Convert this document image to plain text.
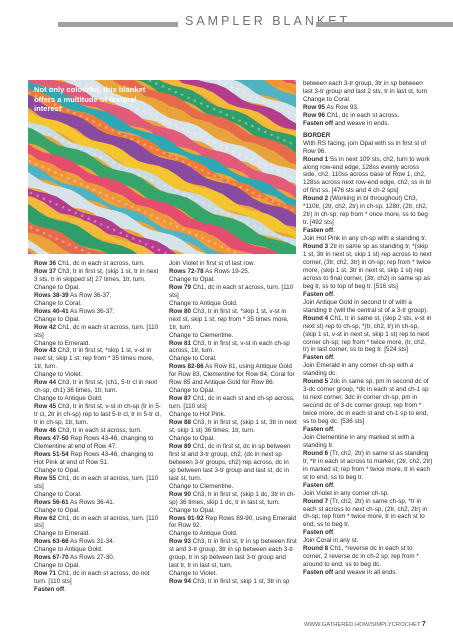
SAMPLER BLANKET
Not only colourful, this blanket offers a multitude of textural interest

Row 36 Ch1, dc in each st across, turn.

Row 37 Ch3, tr in first st, (skip 1 st, tr in next 3 sts, tr in skipped st) 27 times, 1tr, turn.

Change to Opal.

Rows 38-39 As Row 36-37.

Change to Coral.

Rows 40-41 As Rows 36-37.

Change to Opal.

Row 42 Ch1, dc in each st across, turn. [110 sts]

Change to Emerald.

Row 43 Ch3, tr in first st, *skip 1 st, v-st in next st, skip 1 st; rep from * 35 times more, 1tr, turn.

Change to Violet.

Row 44 Ch3, tr in first st, (ch1, 5-tr cl in next ch-sp, ch1) 36 times, 1tr, turn.

Change to Antique Gold.

Row 45 Ch3, tr in first st, v-st in ch-sp (tr in 5-tr cl, 2tr in ch-sp) rep to last 5-tr cl, tr in 5-tr cl, tr in ch-sp, 1tr, turn.

Row 46 Ch3, tr in each st across, turn.

Rows 47-50 Rep Rows 43-46, changing to Clementine at end of Row 47.

Rows 51-54 Rep Rows 43-46, changing to Hot Pink at end of Row 51.

Change to Opal.

Row 55 Ch1, dc in each st across, turn. [110 sts]

Change to Coral.

Rows 56-61 As Rows 36-41.

Change to Opal.

Row 62 Ch1, dc in each st across, turn. [110 sts]

Change to Emerald.

Rows 63-66 As Rows 31-34.

Change to Antique Gold.

Rows 67-70 As Rows 27-30.

Change to Opal.

Row 71 Ch1, dc in each st across, do not turn. [110 sts]

Fasten off.

Join Violet in first st of last row.

Rows 72-78 As Rows 19-25.

Change to Opal.

Row 79 Ch1, dc in each st across, turn. [110 sts]

Change to Antique Gold.

Row 80 Ch3, tr in first st, *skip 1 st, v-st in next st, skip 1 st; rep from * 35 times more, 1tr, turn.

Change to Clementine.

Row 81 Ch3, tr in first st, v-st in each ch-sp across, 1tr, turn.

Change to Coral.

Rows 82-86 As Row 81, using Antique Gold for Row 83, Clementine for Row 84, Coral for Row 85 and Antique Gold for Row 86.

Change to Opal.

Row 87 Ch1, dc in each st and ch-sp across, turn. [110 sts]

Change to Hot Pink.

Row 88 Ch3, tr in first st, (skip 1 st, 3tr in next st, skip 1 st) 36 times, 1tr, turn.

Change to Opal.

Row 89 Ch1, dc in first st, dc in sp between first st and 3-tr group, ch2, (dc in next sp between 3-tr groups, ch2) rep across, dc in sp between last 3-tr group and last st, dc in last st, turn.

Change to Clementine.

Row 90 Ch3, tr in first st, (skip 1 dc, 3tr in ch-sp) 36 times, skip 1 dc, tr in last st, turn.

Change to Opal.

Rows 91-92 Rep Rows 89-90, using Emerald for Row 92.

Change to Antique Gold.

Row 93 Ch3, tr in first st, tr in sp between first st and 3-tr group, 3tr in sp between each 3-tr group, tr in sp between last 3-tr group and last tr, tr in last st, turn.

Change to Violet.

Row 94 Ch3, tr in first st, skip 1 st, 3tr in sp

between each 3-tr group, 3tr in sp between last 3-tr group and last 2 sts, tr in last st, turn

Change to Coral.

Row 95 As Row 93.

Row 96 Ch1, dc in each st across.

Fasten off and weave in ends.

BORDER

With RS facing, join Opal with ss in first st of Row 96.

Round 1 Ss in next 109 sts, ch2, turn to work along row-end edge, 128ss evenly across side, ch2, 110ss across base of Row 1, ch2, 128ss across next row-end edge, ch2, ss in bl of first ss. [476 sts and 4 ch-2 sps]

Round 2 (Working in bl throughout) Ch3, *110tr, (2tr, ch2, 2tr) in ch-sp, 128tr, (2tr, ch2, 2tr) in ch-sp; rep from * once more, ss to beg tr. [492 sts]

Fasten off.

Join Hot Pink in any ch-sp with a standing tr.

Round 3 2tr in same sp as standing tr, *(skip 1 st, 3tr in next st, skip 1 st) rep across to next corner, (3tr, ch2, 3tr) in ch-sp; rep from * twice more, (skip 1 st, 3tr in next st, skip 1 st) rep across to final corner, (3tr, ch2) in same sp as beg tr, ss to top of beg tr. [516 sts]

Fasten off.

Join Antique Gold in second tr of with a standing tr (will the central st of a 3-tr group).

Round 4 Ch1, tr in same st, (skip 2 sts, v-st in next st) rep to ch-sp, *(tr, ch2, tr) in ch-sp, (skip 1 st, v-st in next st, skip 1 st) rep to next corner ch-sp; rep from * twice more, (tr, ch2, tr) in last corner, ss to beg tr. [524 sts]

Fasten off.

Join Emerald in any corner ch-sp with a standing dc.

Round 5 2dc in same sp, pm in second dc of 3-dc corner group, *dc in each st and ch-1 sp to next corner, 3dc in corner ch-sp, pm in second dc of 3-dc corner group; rep from * twice more, dc in each st and ch-1 sp to end, ss to beg dc. [536 sts]

Fasten off.

Join Clementine in any marked st with a standing tr.

Round 6 (Tr, ch2, 2tr) in same st as standing tr, *tr in each st across to marker, (2tr, ch2, 2tr) in marked st; rep from * twice more, tr in each st to end, ss to beg tr.

Fasten off.

Join Violet in any corner ch-sp.

Round 7 (Tr, ch2, 2tr) in same ch-sp, *tr in each st across to next ch-sp, (2tr, ch2, 2tr) in ch-sp; rep from * twice more, tr in each st to end, ss to beg tr.

Fasten off.

Join Coral in any st.

Round 8 Ch1, *reverse dc in each st to corner, 2 reverse dc in ch-2 sp; rep from * around to end, ss to beg dc.

Fasten off and weave in all ends.

WWW.GATHERED.HOW/SIMPLYCROCHET 7
